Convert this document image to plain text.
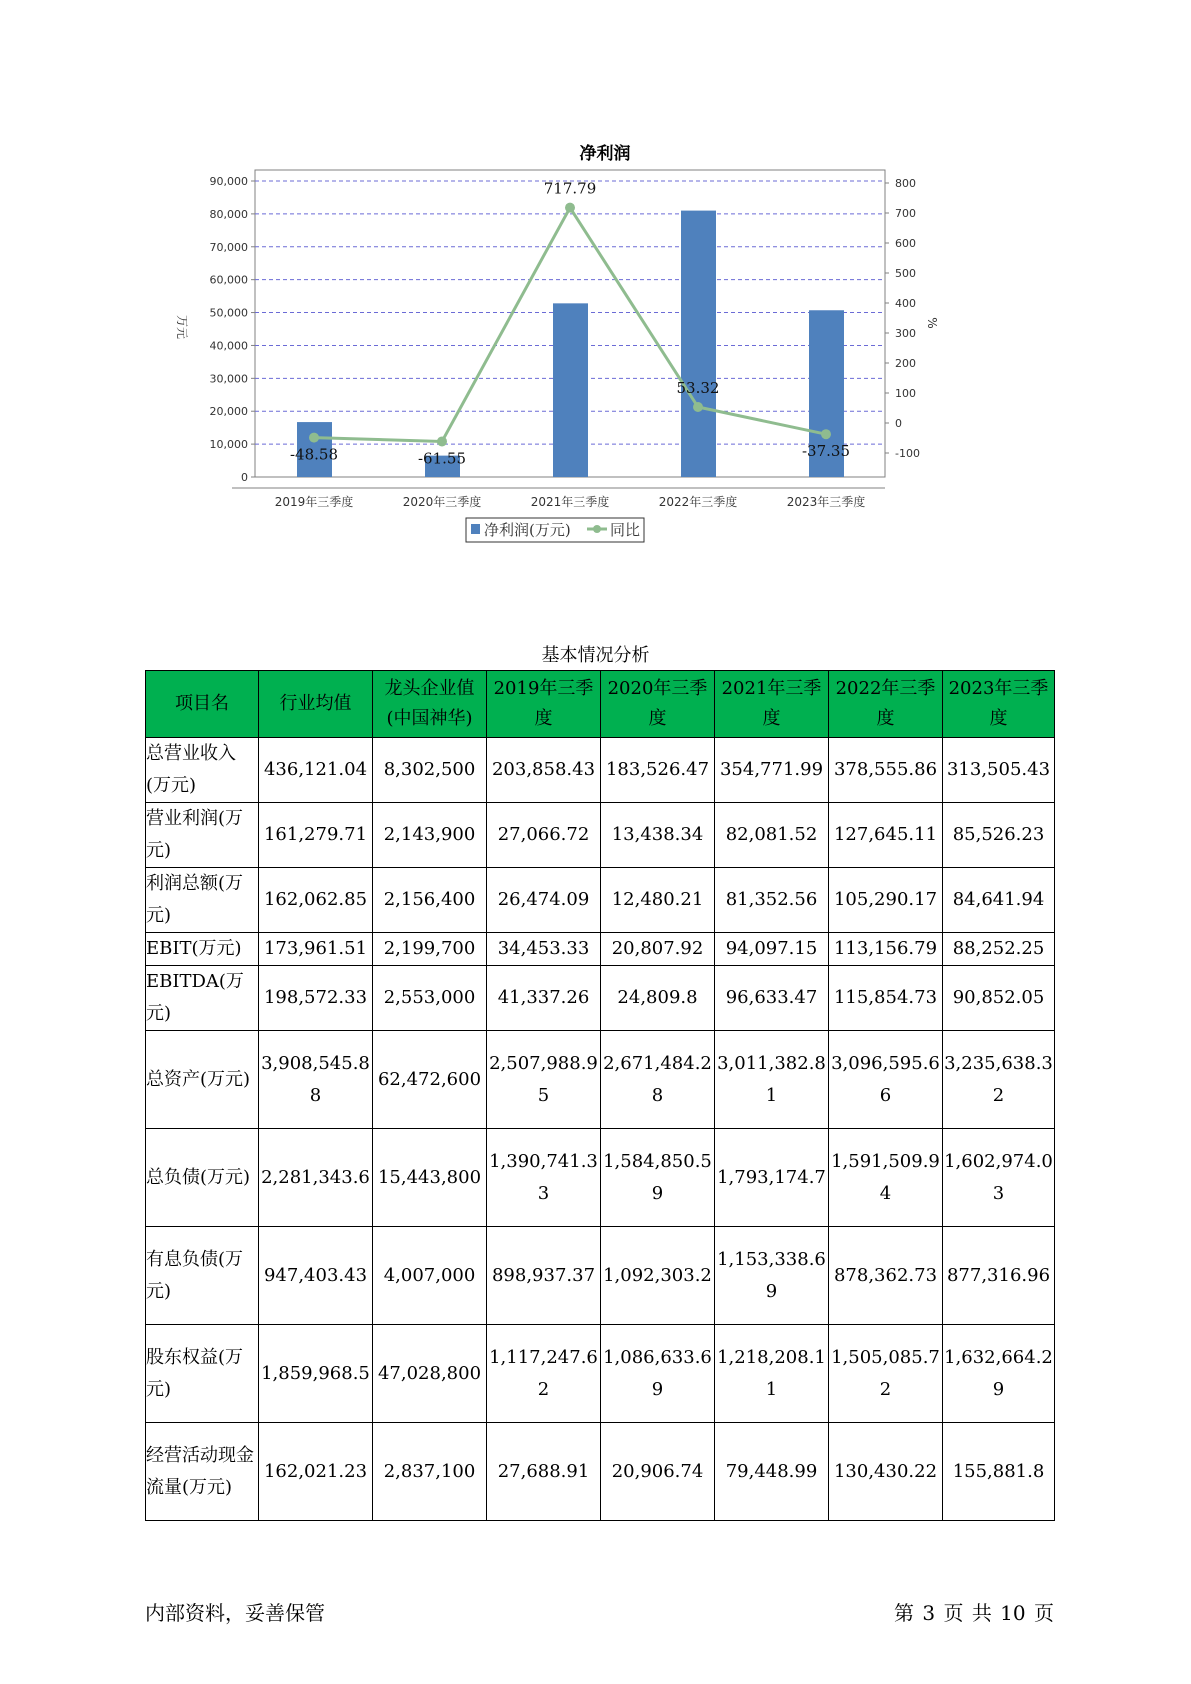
净利润
0
10,000
20,000
30,000
40,000
50,000
60,000
70,000
80,000
90,000
-100
0
100
200
300
400
500
600
700
800
万元	%
2019年三季度	2020年三季度	2021年三季度	2022年三季度	2023年三季度
-48.58	-61.55
717.79
53.32
-37.35
净利润(万元)	同比
基本情况分析
项目名	行业均值	龙头企业值(中国神华)	2019年三季度	2020年三季度	2021年三季度	2022年三季度	2023年三季度
总营业收入(万元)	436,121.04	8,302,500	203,858.43	183,526.47	354,771.99	378,555.86	313,505.43
营业利润(万元)	161,279.71	2,143,900	27,066.72	13,438.34	82,081.52	127,645.11	85,526.23
利润总额(万元)	162,062.85	2,156,400	26,474.09	12,480.21	81,352.56	105,290.17	84,641.94
EBIT(万元)	173,961.51	2,199,700	34,453.33	20,807.92	94,097.15	113,156.79	88,252.25
EBITDA(万元)	198,572.33	2,553,000	41,337.26	24,809.8	96,633.47	115,854.73	90,852.05
总资产(万元)	3,908,545.88	62,472,600	2,507,988.95	2,671,484.28	3,011,382.81	3,096,595.66	3,235,638.32
总负债(万元)	2,281,343.6	15,443,800	1,390,741.33	1,584,850.59	1,793,174.7	1,591,509.94	1,602,974.03
有息负债(万元)	947,403.43	4,007,000	898,937.37	1,092,303.2	1,153,338.69	878,362.73	877,316.96
股东权益(万元)	1,859,968.5	47,028,800	1,117,247.62	1,086,633.69	1,218,208.11	1,505,085.72	1,632,664.29
经营活动现金流量(万元)	162,021.23	2,837,100	27,688.91	20,906.74	79,448.99	130,430.22	155,881.8
内部资料，妥善保管	第 3 页 共 10 页
